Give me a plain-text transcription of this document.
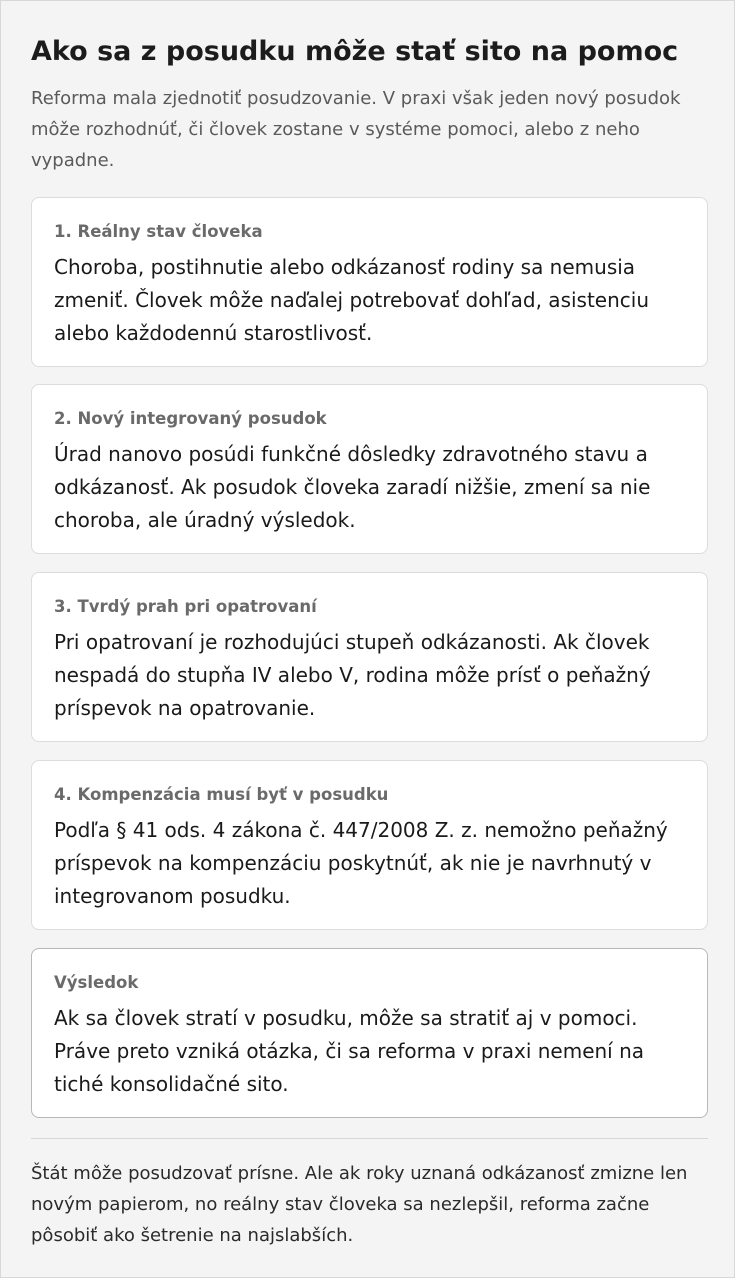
Ako sa z posudku môže stať sito na pomoc

Reforma mala zjednotiť posudzovanie. V praxi však jeden nový posudok môže rozhodnúť, či človek zostane v systéme pomoci, alebo z neho vypadne.

1. Reálny stav človeka
Choroba, postihnutie alebo odkázanosť rodiny sa nemusia zmeniť. Človek môže naďalej potrebovať dohľad, asistenciu alebo každodennú starostlivosť.
2. Nový integrovaný posudok
Úrad nanovo posúdi funkčné dôsledky zdravotného stavu a odkázanosť. Ak posudok človeka zaradí nižšie, zmení sa nie choroba, ale úradný výsledok.
3. Tvrdý prah pri opatrovaní
Pri opatrovaní je rozhodujúci stupeň odkázanosti. Ak človek nespadá do stupňa IV alebo V, rodina môže prísť o peňažný príspevok na opatrovanie.
4. Kompenzácia musí byť v posudku
Podľa § 41 ods. 4 zákona č. 447/2008 Z. z. nemožno peňažný príspevok na kompenzáciu poskytnúť, ak nie je navrhnutý v integrovanom posudku.
Výsledok
Ak sa človek stratí v posudku, môže sa stratiť aj v pomoci. Práve preto vzniká otázka, či sa reforma v praxi nemení na tiché konsolidačné sito.

Štát môže posudzovať prísne. Ale ak roky uznaná odkázanosť zmizne len novým papierom, no reálny stav človeka sa nezlepšil, reforma začne pôsobiť ako šetrenie na najslabších.
